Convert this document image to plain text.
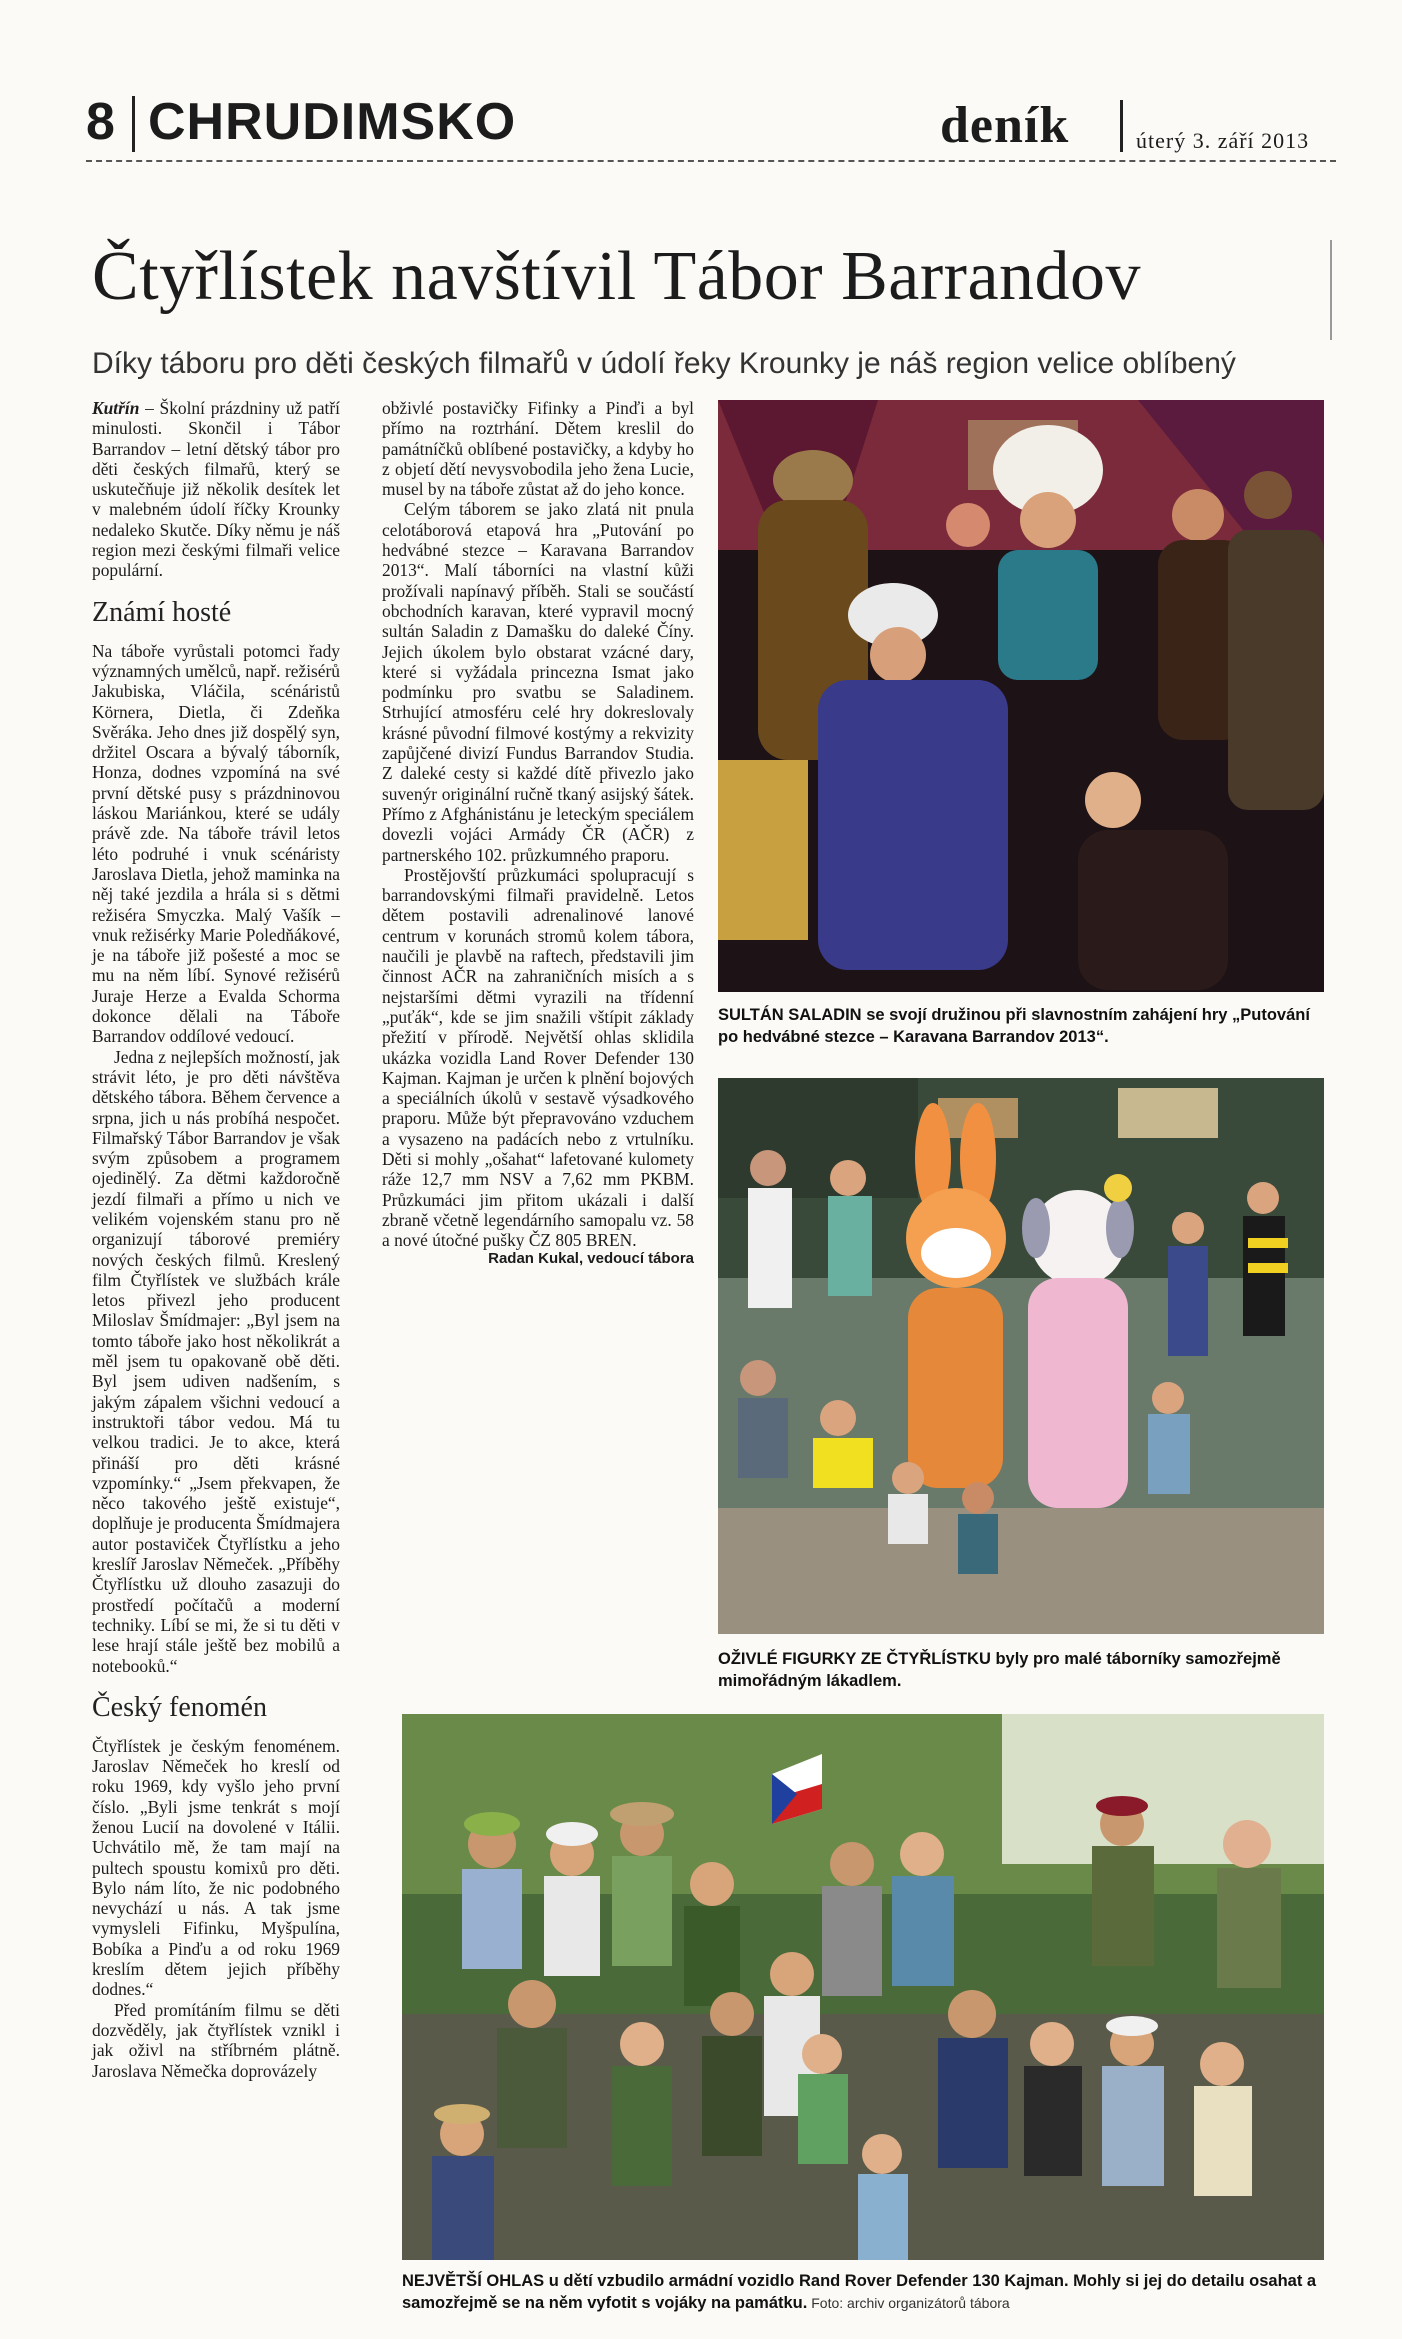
8 CHRUDIMSKO	deník	úterý 3. září 2013
Čtyřlístek navštívil Tábor Barrandov
Díky táboru pro děti českých filmařů v údolí řeky Krounky je náš region velice oblíbený

Kutřín – Školní prázdniny už patří minulosti. Skončil i Tábor Barrandov – letní dětský tábor pro děti českých filmařů, který se uskutečňuje již několik desítek let v malebném údolí říčky Krounky nedaleko Skutče. Díky němu je náš region mezi českými filmaři velice populární.

Známí hosté

Na táboře vyrůstali potomci řady významných umělců, např. režisérů Jakubiska, Vláčila, scénáristů Körnera, Dietla, či Zdeňka Svěráka. Jeho dnes již dospělý syn, držitel Oscara a bývalý táborník, Honza, dodnes vzpomíná na své první dětské pusy s prázdninovou láskou Mariánkou, které se udály právě zde. Na táboře trávil letos léto podruhé i vnuk scénáristy Jaroslava Dietla, jehož maminka na něj také jezdila a hrála si s dětmi režiséra Smyczka. Malý Vašík – vnuk režisérky Marie Poledňákové, je na táboře již pošesté a moc se mu na něm líbí. Synové režisérů Juraje Herze a Evalda Schorma dokonce dělali na Táboře Barrandov oddílové vedoucí.

Jedna z nejlepších možností, jak strávit léto, je pro děti návštěva dětského tábora. Během července a srpna, jich u nás probíhá nespočet. Filmařský Tábor Barrandov je však svým způsobem a programem ojedinělý. Za dětmi každoročně jezdí filmaři a přímo u nich ve velikém vojenském stanu pro ně organizují táborové premiéry nových českých filmů. Kreslený film Čtyřlístek ve službách krále letos přivezl jeho producent Miloslav Šmídmajer: „Byl jsem na tomto táboře jako host několikrát a měl jsem tu opakovaně obě děti. Byl jsem udiven nadšením, s jakým zápalem všichni vedoucí a instruktoři tábor vedou. Má tu velkou tradici. Je to akce, která přináší pro děti krásné vzpomínky.“ „Jsem překvapen, že něco takového ještě existuje“, doplňuje je producenta Šmídmajera autor postaviček Čtyřlístku a jeho kreslíř Jaroslav Němeček. „Příběhy Čtyřlístku už dlouho zasazuji do prostředí počítačů a moderní techniky. Líbí se mi, že si tu děti v lese hrají stále ještě bez mobilů a notebooků.“

Český fenomén

Čtyřlístek je českým fenoménem. Jaroslav Němeček ho kreslí od roku 1969, kdy vyšlo jeho první číslo. „Byli jsme tenkrát s mojí ženou Lucií na dovolené v Itálii. Uchvátilo mě, že tam mají na pultech spoustu komixů pro děti. Bylo nám líto, že nic podobného nevychází u nás. A tak jsme vymysleli Fifinku, Myšpulína, Bobíka a Pinďu a od roku 1969 kreslím dětem jejich příběhy dodnes.“

Před promítáním filmu se děti dozvěděly, jak čtyřlístek vznikl i jak oživl na stříbrném plátně. Jaroslava Němečka doprovázely

obživlé postavičky Fifinky a Pinďi a byl přímo na roztrhání. Dětem kreslil do památníčků oblíbené postavičky, a kdyby ho z objetí dětí nevysvobodila jeho žena Lucie, musel by na táboře zůstat až do jeho konce.

Celým táborem se jako zlatá nit pnula celotáborová etapová hra „Putování po hedvábné stezce – Karavana Barrandov 2013“. Malí táborníci na vlastní kůži prožívali napínavý příběh. Stali se součástí obchodních karavan, které vypravil mocný sultán Saladin z Damašku do daleké Číny. Jejich úkolem bylo obstarat vzácné dary, které si vyžádala princezna Ismat jako podmínku pro svatbu se Saladinem. Strhující atmosféru celé hry dokreslovaly krásné původní filmové kostýmy a rekvizity zapůjčené divizí Fundus Barrandov Studia. Z daleké cesty si každé dítě přivezlo jako suvenýr originální ručně tkaný asijský šátek. Přímo z Afghánistánu je leteckým speciálem dovezli vojáci Armády ČR (AČR) z partnerského 102. průzkumného praporu.

Prostějovští průzkumáci spolupracují s barrandovskými filmaři pravidelně. Letos dětem postavili adrenalinové lanové centrum v korunách stromů kolem tábora, naučili je plavbě na raftech, představili jim činnost AČR na zahraničních misích a s nejstaršími dětmi vyrazili na třídenní „puťák“, kde se jim snažili vštípit základy přežití v přírodě. Největší ohlas sklidila ukázka vozidla Land Rover Defender 130 Kajman. Kajman je určen k plnění bojových a speciálních úkolů v sestavě výsadkového praporu. Může být přepravováno vzduchem a vysazeno na padácích nebo z vrtulníku. Děti si mohly „ošahat“ lafetované kulomety ráže 12,7 mm NSV a 7,62 mm PKBM. Průzkumáci jim přitom ukázali i další zbraně včetně legendárního samopalu vz. 58 a nové útočné pušky ČZ 805 BREN.

Radan Kukal, vedoucí tábora

SULTÁN SALADIN se svojí družinou při slavnostním zahájení hry „Putování po hedvábné stezce – Karavana Barrandov 2013“.
OŽIVLÉ FIGURKY ZE ČTYŘLÍSTKU byly pro malé táborníky samozřejmě mimořádným lákadlem.
NEJVĚTŠÍ OHLAS u dětí vzbudilo armádní vozidlo Rand Rover Defender 130 Kajman. Mohly si jej do detailu osahat a samozřejmě se na něm vyfotit s vojáky na památku. Foto: archiv organizátorů tábora
